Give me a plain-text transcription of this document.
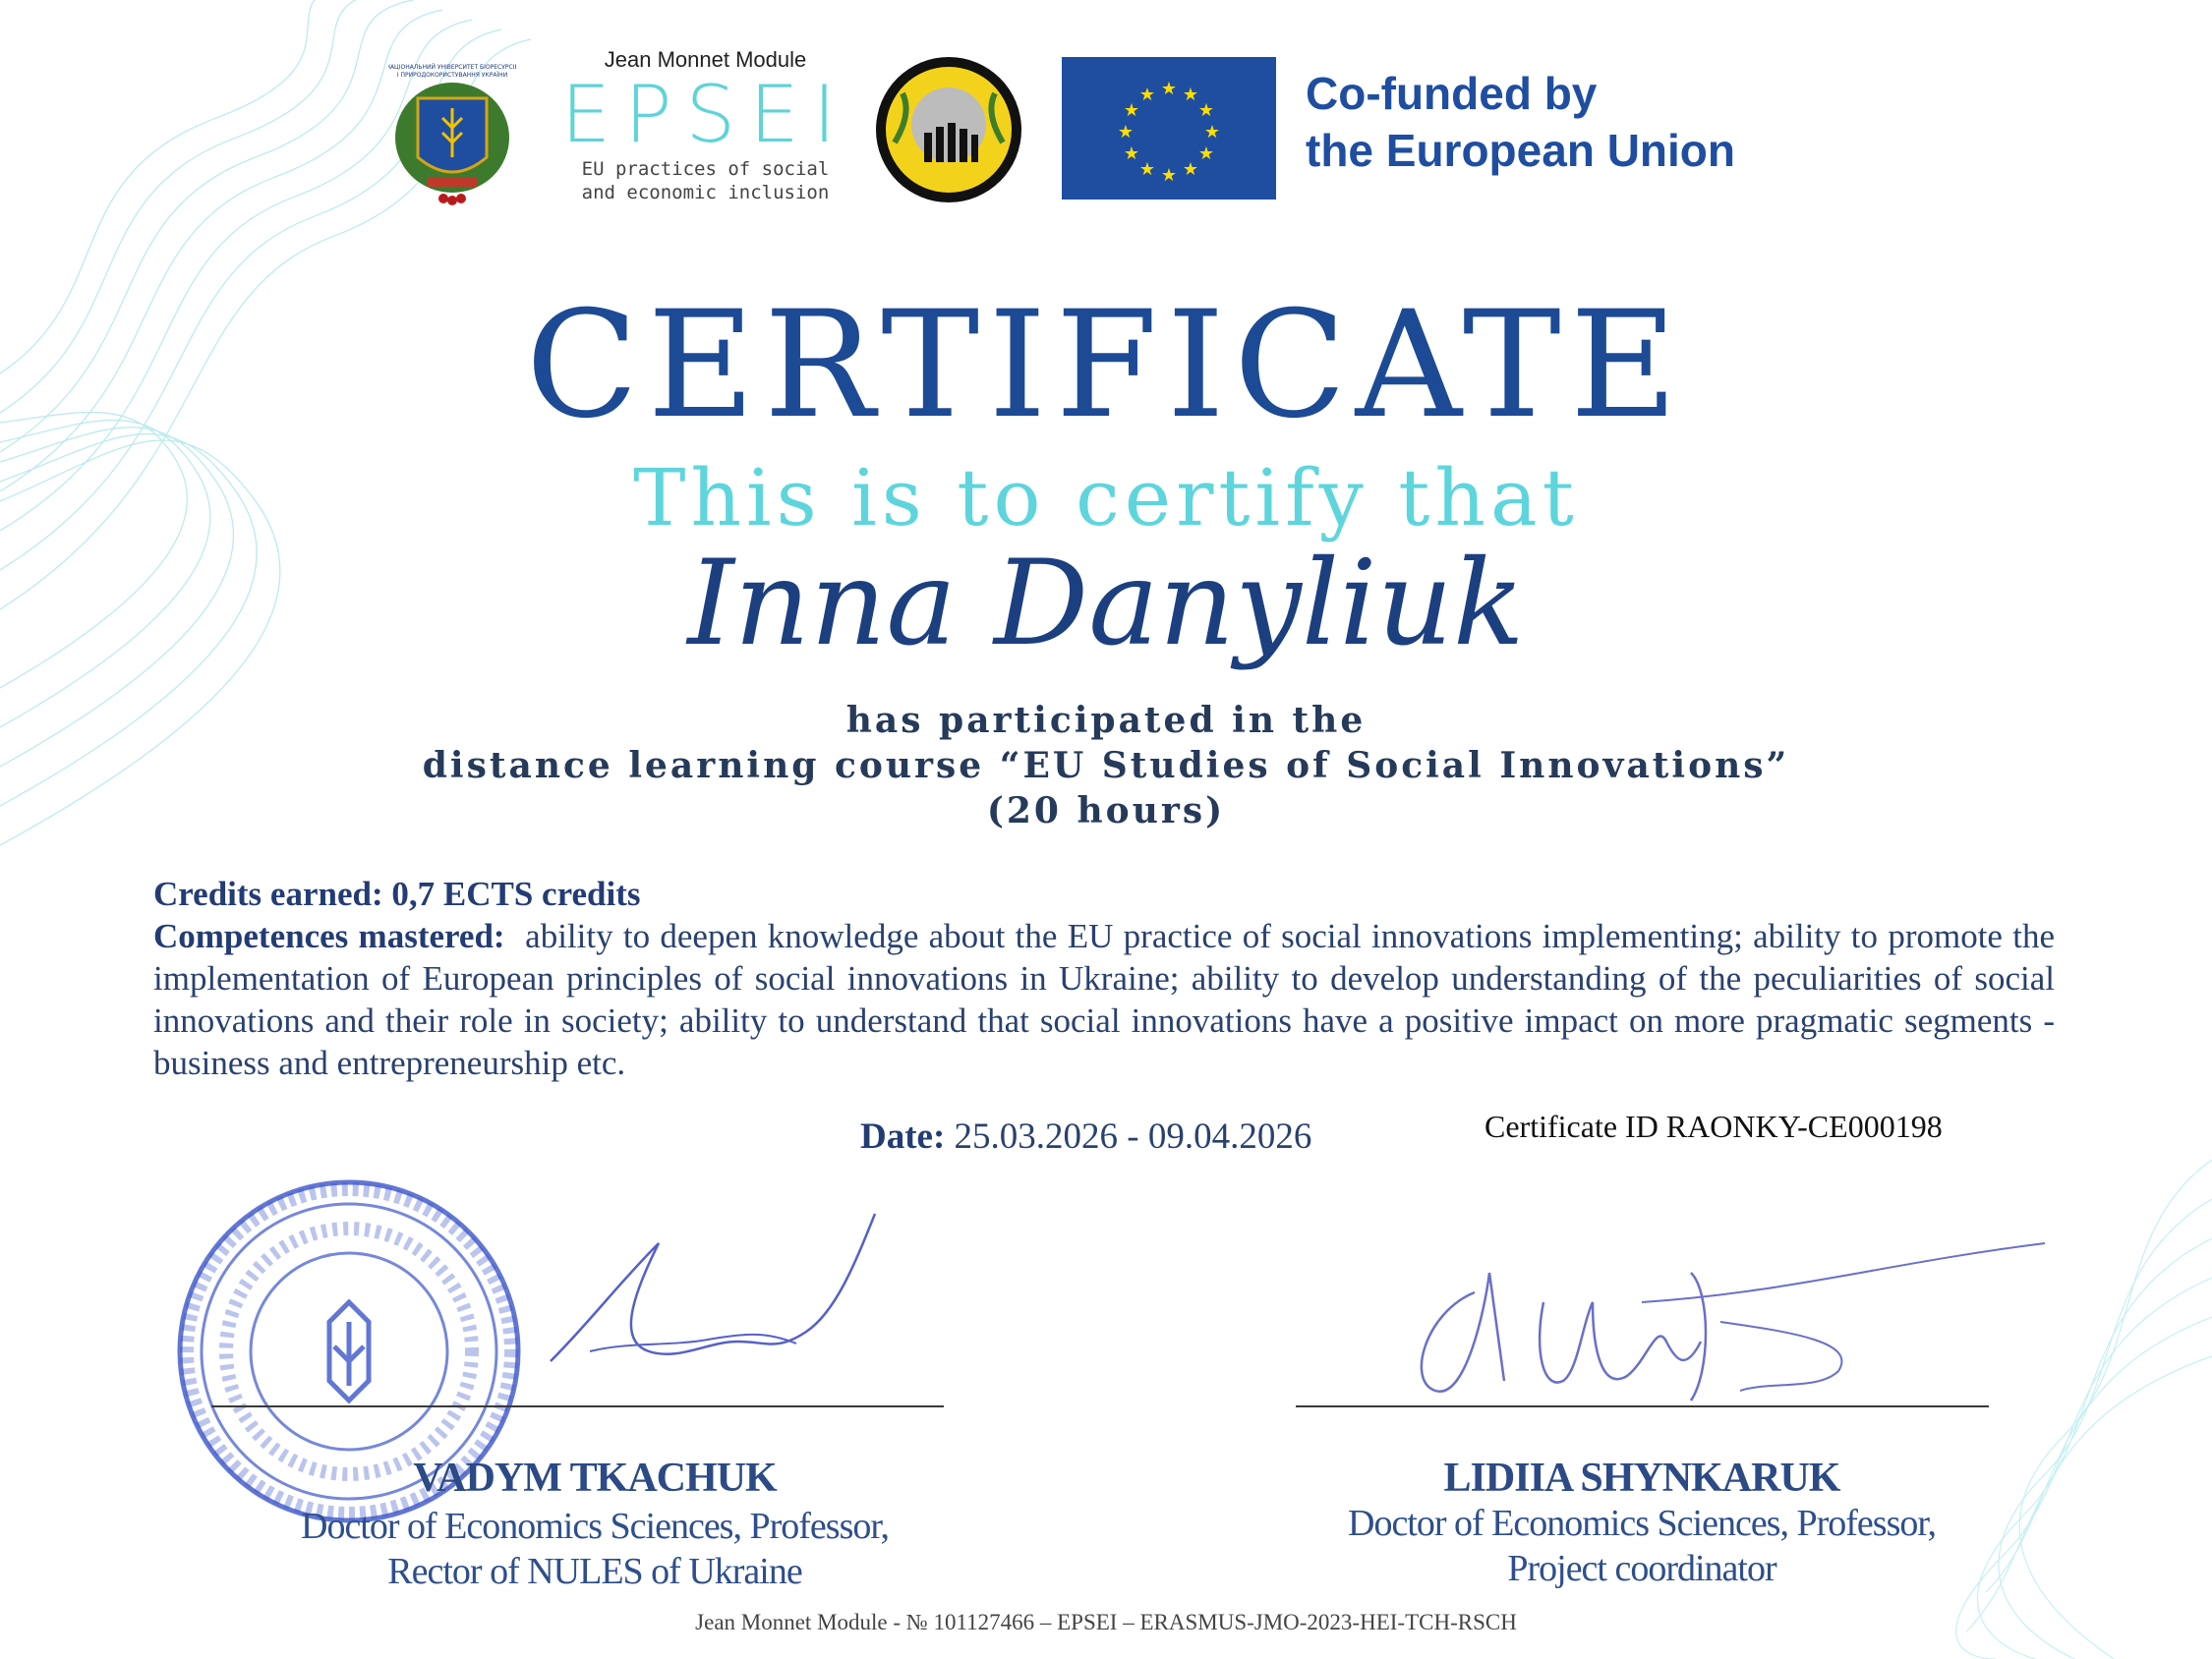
НАЦІОНАЛЬНИЙ УНІВЕРСИТЕТ БІОРЕСУРСІВ
І ПРИРОДОКОРИСТУВАННЯ УКРАЇНИ
Jean Monnet Module
EPSEI
EU practices of social
and economic inclusion
★ ★
★
★
★
★
★
★
★
★
★
★	Co-funded by
the European Union
CERTIFICATE
This is to certify that
Inna Danyliuk
has participated in the
distance learning course “EU Studies of Social Innovations”
(20 hours)
Credits earned: 0,7 ECTS credits
Competences mastered: ability to deepen knowledge about the EU practice of social innovations implementing; ability to promote the implementation of European principles of social innovations in Ukraine; ability to develop understanding of the peculiarities of social innovations and their role in society; ability to understand that social innovations have a positive impact on more pragmatic segments - business and entrepreneurship etc.
Date: 25.03.2026 - 09.04.2026	Certificate ID RAONKY-CE000198
VADYM TKACHUK
Doctor of Economics Sciences, Professor,
Rector of NULES of Ukraine
LIDIIA SHYNKARUK
Doctor of Economics Sciences, Professor,
Project coordinator
Jean Monnet Module - № 101127466 – EPSEI – ERASMUS-JMO-2023-HEI-TCH-RSCH
